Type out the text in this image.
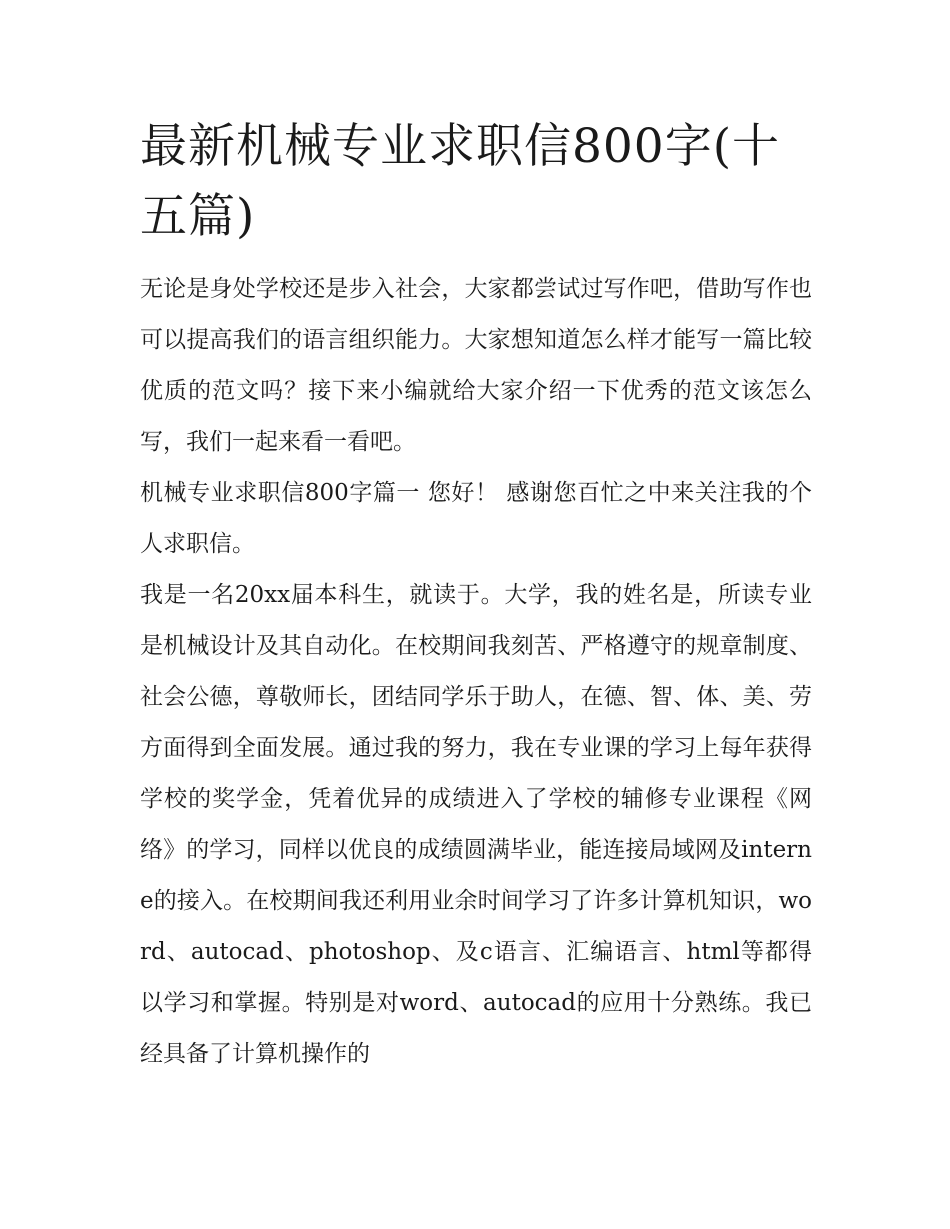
最新机械专业求职信800字(十五篇)

无论是身处学校还是步入社会，大家都尝试过写作吧，借助写作也可以提高我们的语言组织能力。大家想知道怎么样才能写一篇比较优质的范文吗？接下来小编就给大家介绍一下优秀的范文该怎么写，我们一起来看一看吧。

机械专业求职信800字篇一 您好！ 感谢您百忙之中来关注我的个人求职信。

我是一名20xx届本科生，就读于。大学，我的姓名是，所读专业是机械设计及其自动化。在校期间我刻苦、严格遵守的规章制度、社会公德，尊敬师长，团结同学乐于助人，在德、智、体、美、劳方面得到全面发展。通过我的努力，我在专业课的学习上每年获得学校的奖学金，凭着优异的成绩进入了学校的辅修专业课程《网络》的学习，同样以优良的成绩圆满毕业，能连接局域网及interne的接入。在校期间我还利用业余时间学习了许多计算机知识，word、autocad、photoshop、及c语言、汇编语言、html等都得以学习和掌握。特别是对word、autocad的应用十分熟练。我已经具备了计算机操作的
